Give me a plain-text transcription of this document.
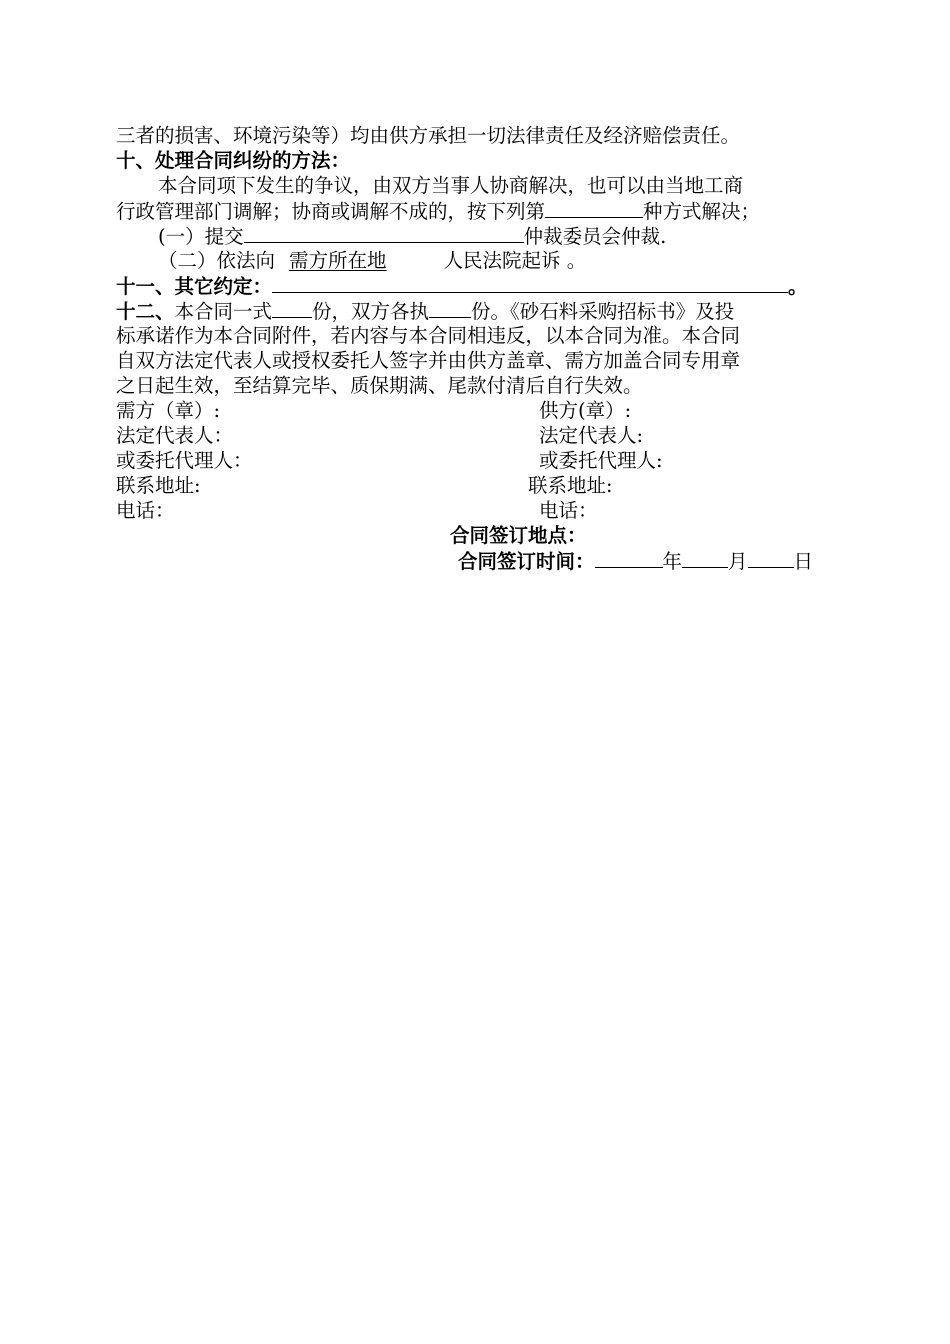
三者的损害、环境污染等）均由供方承担一切法律责任及经济赔偿责任。
十、处理合同纠纷的方法：
本合同项下发生的争议，由双方当事人协商解决，也可以由当地工商
行政管理部门调解；协商或调解不成的，按下列第	种方式解决；
(一）提交	仲裁委员会仲裁.
（二）依法向 需方所在地	人民法院起诉 。
十一、其它约定：	。
十二、本合同一式 份，双方各执 份。《砂石料采购招标书》及投
标承诺作为本合同附件，若内容与本合同相违反，以本合同为准。本合同
自双方法定代表人或授权委托人签字并由供方盖章、需方加盖合同专用章
之日起生效，至结算完毕、质保期满、尾款付清后自行失效。
需方（章）:	供方(章）:
法定代表人：	法定代表人:
或委托代理人：	或委托代理人:
联系地址:	联系地址:
电话：	电话：
合同签订地点：
合同签订时间：	年 月 日
